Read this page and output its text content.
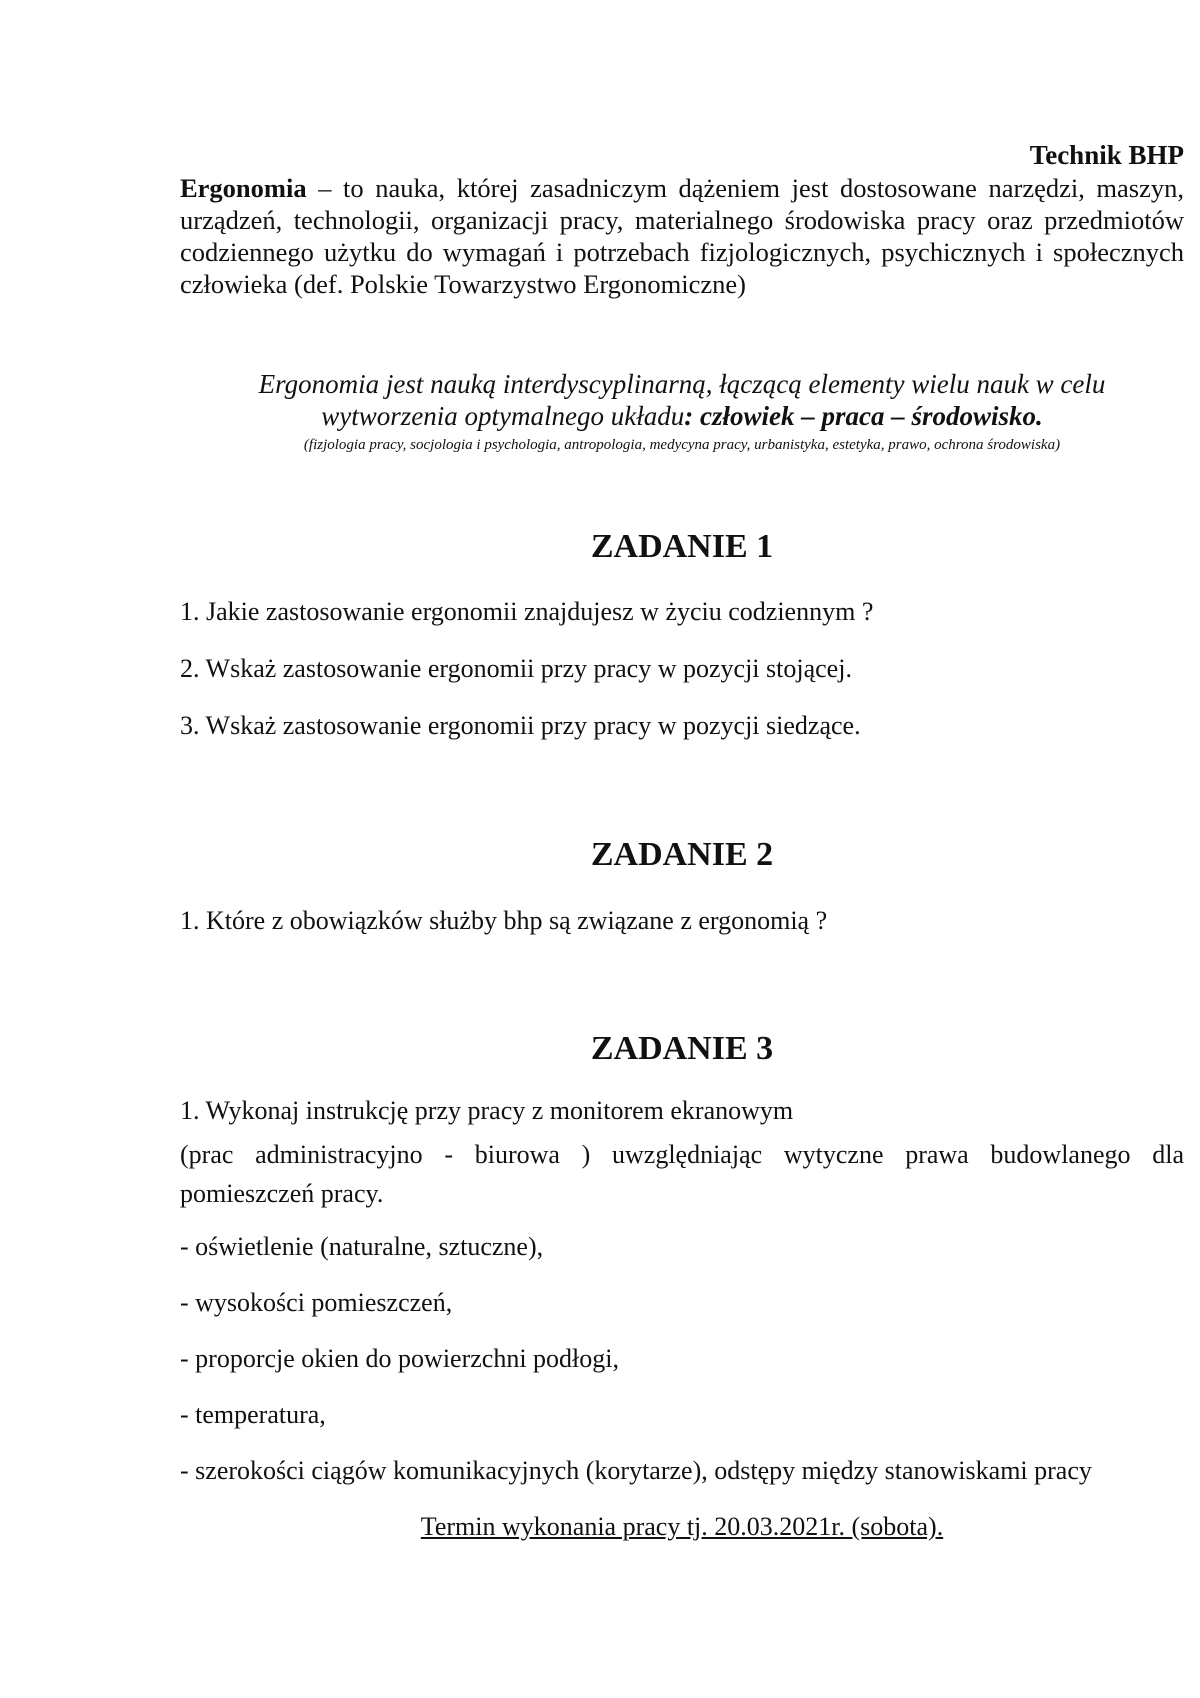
Technik BHP
Ergonomia – to nauka, której zasadniczym dążeniem jest dostosowane narzędzi, maszyn, urządzeń, technologii, organizacji pracy, materialnego środowiska pracy oraz przedmiotów codziennego użytku do wymagań i potrzebach fizjologicznych, psychicznych i społecznych człowieka (def. Polskie Towarzystwo Ergonomiczne)
Ergonomia jest nauką interdyscyplinarną, łączącą elementy wielu nauk w celu
wytworzenia optymalnego układu: człowiek – praca – środowisko.
(fizjologia pracy, socjologia i psychologia, antropologia, medycyna pracy, urbanistyka, estetyka, prawo, ochrona środowiska)
ZADANIE 1
1. Jakie zastosowanie ergonomii znajdujesz w życiu codziennym ?
2. Wskaż zastosowanie ergonomii przy pracy w pozycji stojącej.
3. Wskaż zastosowanie ergonomii przy pracy w pozycji siedzące.
ZADANIE 2
1. Które z obowiązków służby bhp są związane z ergonomią ?
ZADANIE 3
1. Wykonaj instrukcję przy pracy z monitorem ekranowym
(prac administracyjno - biurowa ) uwzględniając wytyczne prawa budowlanego dla pomieszczeń pracy.
- oświetlenie (naturalne, sztuczne),
- wysokości pomieszczeń,
- proporcje okien do powierzchni podłogi,
- temperatura,
- szerokości ciągów komunikacyjnych (korytarze), odstępy między stanowiskami pracy
Termin wykonania pracy tj. 20.03.2021r. (sobota).
